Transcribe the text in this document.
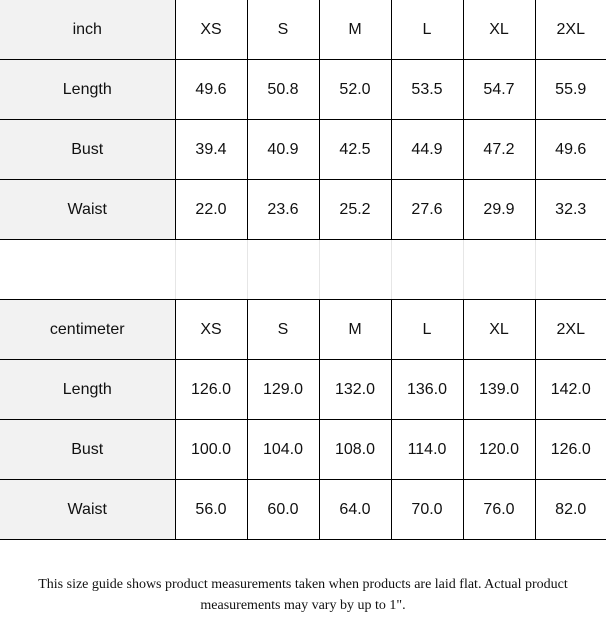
inch	XS	S	M	L	XL	2XL
Length	49.6	50.8	52.0	53.5	54.7	55.9
Bust	39.4	40.9	42.5	44.9	47.2	49.6
Waist	22.0	23.6	25.2	27.6	29.9	32.3

centimeter	XS	S	M	L	XL	2XL
Length	126.0	129.0	132.0	136.0	139.0	142.0
Bust	100.0	104.0	108.0	114.0	120.0	126.0
Waist	56.0	60.0	64.0	70.0	76.0	82.0
This size guide shows product measurements taken when products are laid flat. Actual product
measurements may vary by up to 1".
